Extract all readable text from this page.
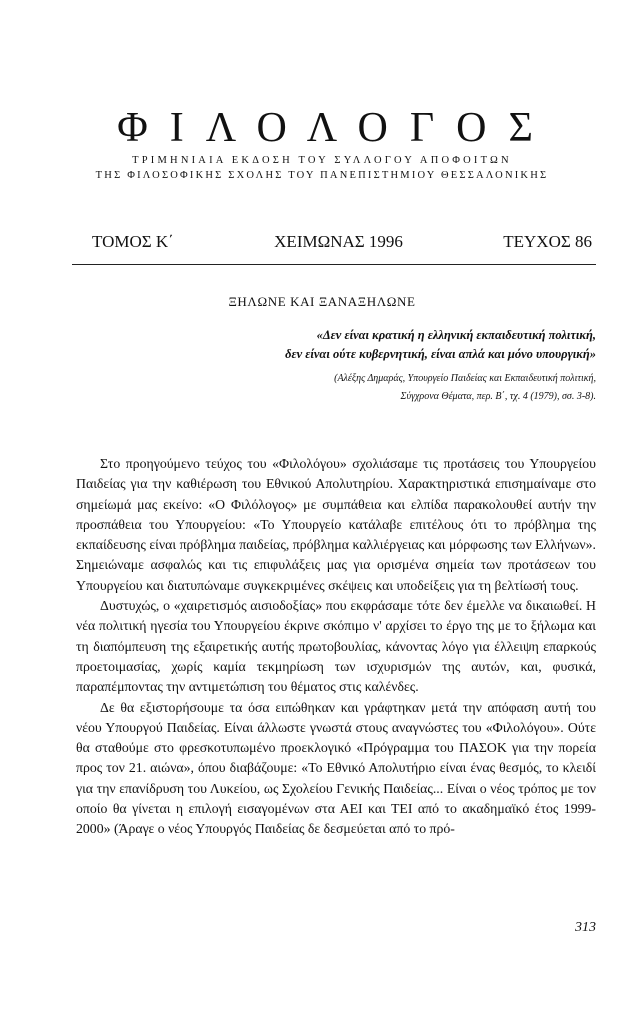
ΦΙΛΟΛΟΓΟΣ
ΤΡΙΜΗΝΙΑΙΑ ΕΚΔΟΣΗ ΤΟΥ ΣΥΛΛΟΓΟΥ ΑΠΟΦΟΙΤΩΝ
ΤΗΣ ΦΙΛΟΣΟΦΙΚΗΣ ΣΧΟΛΗΣ ΤΟΥ ΠΑΝΕΠΙΣΤΗΜΙΟΥ ΘΕΣΣΑΛΟΝΙΚΗΣ
ΤΟΜΟΣ Κ΄	ΧΕΙΜΩΝΑΣ 1996	ΤΕΥΧΟΣ 86
ΞΗΛΩΝΕ ΚΑΙ ΞΑΝΑΞΗΛΩΝΕ
«Δεν είναι κρατική η ελληνική εκπαιδευτική πολιτική,
δεν είναι ούτε κυβερνητική, είναι απλά και μόνο υπουργική»
(Αλέξης Δημαράς, Υπουργείο Παιδείας και Εκπαιδευτική πολιτική,
Σύγχρονα Θέματα, περ. Β΄, τχ. 4 (1979), σσ. 3-8).

Στο προηγούμενο τεύχος του «Φιλολόγου» σχολιάσαμε τις προτάσεις του Υπουργείου Παιδείας για την καθιέρωση του Εθνικού Απολυτηρίου. Χαρακτηριστικά επισημαίναμε στο σημείωμά μας εκείνο: «Ο Φιλόλογος» με συμπάθεια και ελπίδα παρακολουθεί αυτήν την προσπάθεια του Υπουργείου: «Το Υπουργείο κατάλαβε επιτέλους ότι το πρόβλημα της εκπαίδευσης είναι πρόβλημα παιδείας, πρόβλημα καλλιέργειας και μόρφωσης των Ελλήνων». Σημειώναμε ασφαλώς και τις επιφυλάξεις μας για ορισμένα σημεία των προτάσεων του Υπουργείου και διατυπώναμε συγκεκριμένες σκέψεις και υποδείξεις για τη βελτίωσή τους.

Δυστυχώς, ο «χαιρετισμός αισιοδοξίας» που εκφράσαμε τότε δεν έμελλε να δικαιωθεί. Η νέα πολιτική ηγεσία του Υπουργείου έκρινε σκόπιμο ν' αρχίσει το έργο της με το ξήλωμα και τη διαπόμπευση της εξαιρετικής αυτής πρωτοβουλίας, κάνοντας λόγο για έλλειψη επαρκούς προετοιμασίας, χωρίς καμία τεκμηρίωση των ισχυρισμών της αυτών, και, φυσικά, παραπέμποντας την αντιμετώπιση του θέματος στις καλένδες.

Δε θα εξιστορήσουμε τα όσα ειπώθηκαν και γράφτηκαν μετά την απόφαση αυτή του νέου Υπουργού Παιδείας. Είναι άλλωστε γνωστά στους αναγνώστες του «Φιλολόγου». Ούτε θα σταθούμε στο φρεσκοτυπωμένο προεκλογικό «Πρόγραμμα του ΠΑΣΟΚ για την πορεία προς τον 21. αιώνα», όπου διαβάζουμε: «Το Εθνικό Απολυτήριο είναι ένας θεσμός, το κλειδί για την επανίδρυση του Λυκείου, ως Σχολείου Γενικής Παιδείας... Είναι ο νέος τρόπος με τον οποίο θα γίνεται η επιλογή εισαγομένων στα ΑΕΙ και ΤΕΙ από το ακαδημαϊκό έτος 1999-2000» (Άραγε ο νέος Υπουργός Παιδείας δε δεσμεύεται από το πρό-

313
